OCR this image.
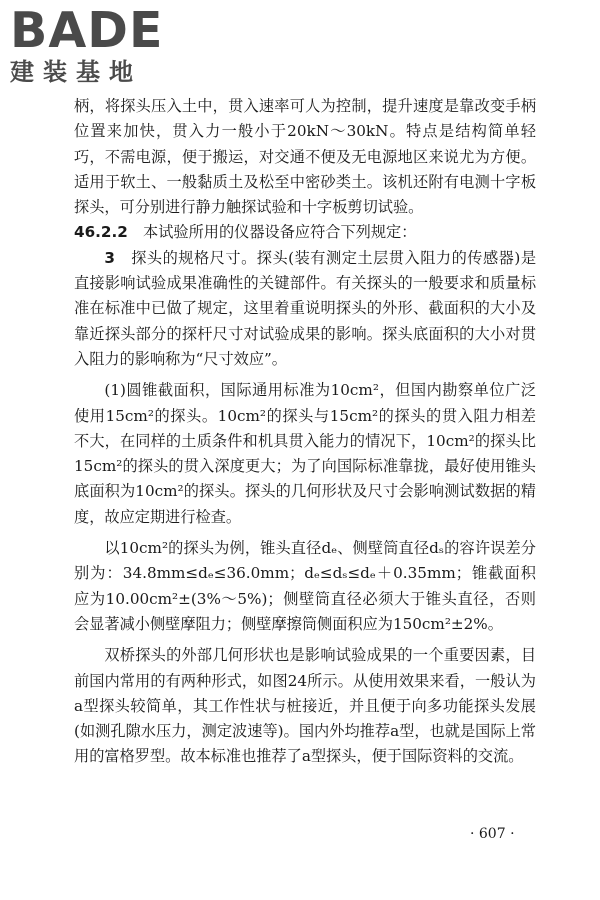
BADE
建装基地

柄，将探头压入土中，贯入速率可人为控制，提升速度是靠改变手柄位置来加快，贯入力一般小于20kN～30kN。特点是结构简单轻巧，不需电源，便于搬运，对交通不便及无电源地区来说尤为方便。适用于软土、一般黏质土及松至中密砂类土。该机还附有电测十字板探头，可分别进行静力触探试验和十字板剪切试验。

46.2.2　 本试验所用的仪器设备应符合下列规定：

3　 探头的规格尺寸。探头(装有测定土层贯入阻力的传感器)是直接影响试验成果准确性的关键部件。有关探头的一般要求和质量标准在标准中已做了规定，这里着重说明探头的外形、截面积的大小及靠近探头部分的探杆尺寸对试验成果的影响。探头底面积的大小对贯入阻力的影响称为“尺寸效应”。

(1)圆锥截面积，国际通用标准为10cm²，但国内勘察单位广泛使用15cm²的探头。10cm²的探头与15cm²的探头的贯入阻力相差不大，在同样的土质条件和机具贯入能力的情况下，10cm²的探头比15cm²的探头的贯入深度更大；为了向国际标准靠拢，最好使用锥头底面积为10cm²的探头。探头的几何形状及尺寸会影响测试数据的精度，故应定期进行检查。

以10cm²的探头为例，锥头直径dₑ、侧壁筒直径dₛ的容许误差分别为：34.8mm≤dₑ≤36.0mm；dₑ≤dₛ≤dₑ＋0.35mm；锥截面积应为10.00cm²±(3%～5%)；侧壁筒直径必须大于锥头直径，否则会显著减小侧壁摩阻力；侧壁摩擦筒侧面积应为150cm²±2%。

双桥探头的外部几何形状也是影响试验成果的一个重要因素，目前国内常用的有两种形式，如图24所示。从使用效果来看，一般认为a型探头较简单，其工作性状与桩接近，并且便于向多功能探头发展(如测孔隙水压力，测定波速等)。国内外均推荐a型，也就是国际上常用的富格罗型。故本标准也推荐了a型探头，便于国际资料的交流。

· 607 ·
